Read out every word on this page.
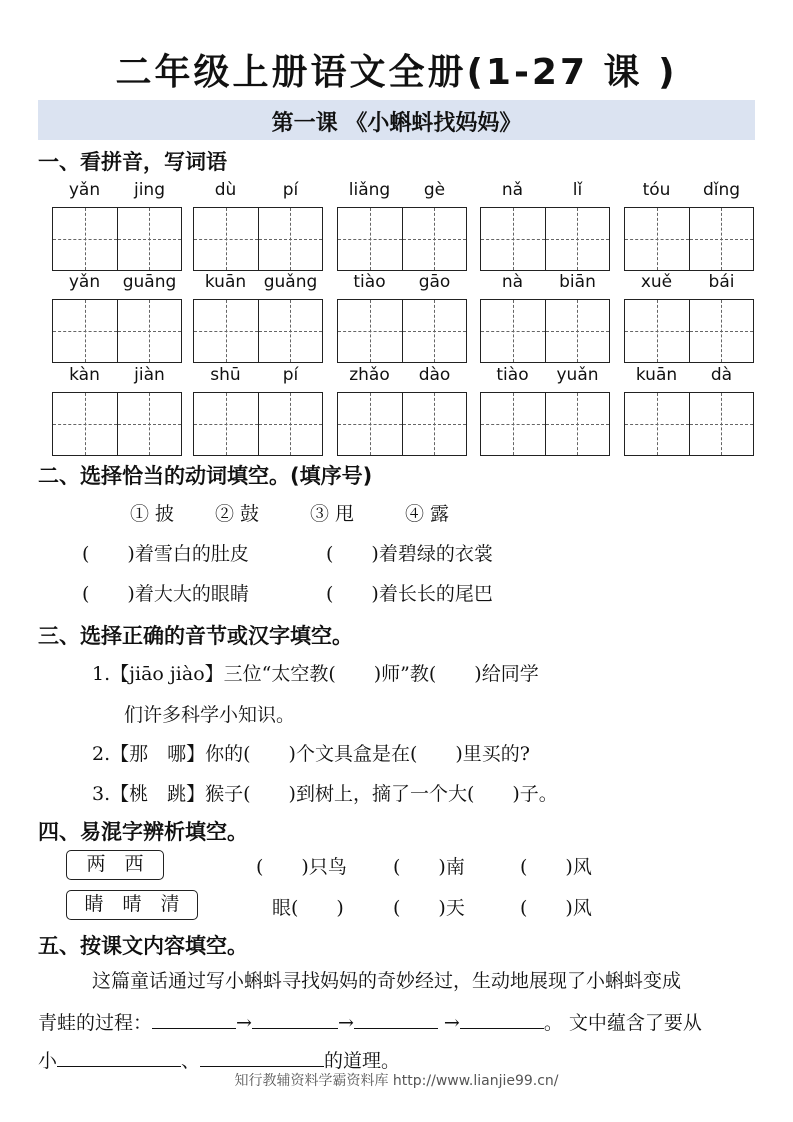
二年级上册语文全册(1-27 课 )
第一课 《小蝌蚪找妈妈》
一、看拼音，写词语
yǎn	jing	dù	pí	liǎng	gè	nǎ	lǐ	tóu	dǐng
yǎn	guāng	kuān	guǎng	tiào	gāo	nà	biān	xuě	bái
kàn	jiàn	shū	pí	zhǎo	dào	tiào	yuǎn	kuān	dà
二、选择恰当的动词填空。(填序号)
① 披 ② 鼓	③ 甩	④ 露
(　　)着雪白的肚皮	(　　)着碧绿的衣裳
(　　)着大大的眼睛	(　　)着长长的尾巴
三、选择正确的音节或汉字填空。
1.【jiāo jiào】三位“太空教(　　)师”教(　　)给同学
们许多科学小知识。
2.【那　哪】你的(　　)个文具盒是在(　　)里买的?
3.【桃　跳】猴子(　　)到树上，摘了一个大(　　)子。
四、易混字辨析填空。
两　西	(　　)只鸟 (　　)南	(　　)风
睛　晴　清	眼(　　)	(　　)天	(　　)风
五、按课文内容填空。
这篇童话通过写小蝌蚪寻找妈妈的奇妙经过，生动地展现了小蝌蚪变成
青蛙的过程：	→	→	→	。 文中蕴含了要从
小	、	的道理。
知行教辅资料学霸资料库 http://www.lianjie99.cn/
